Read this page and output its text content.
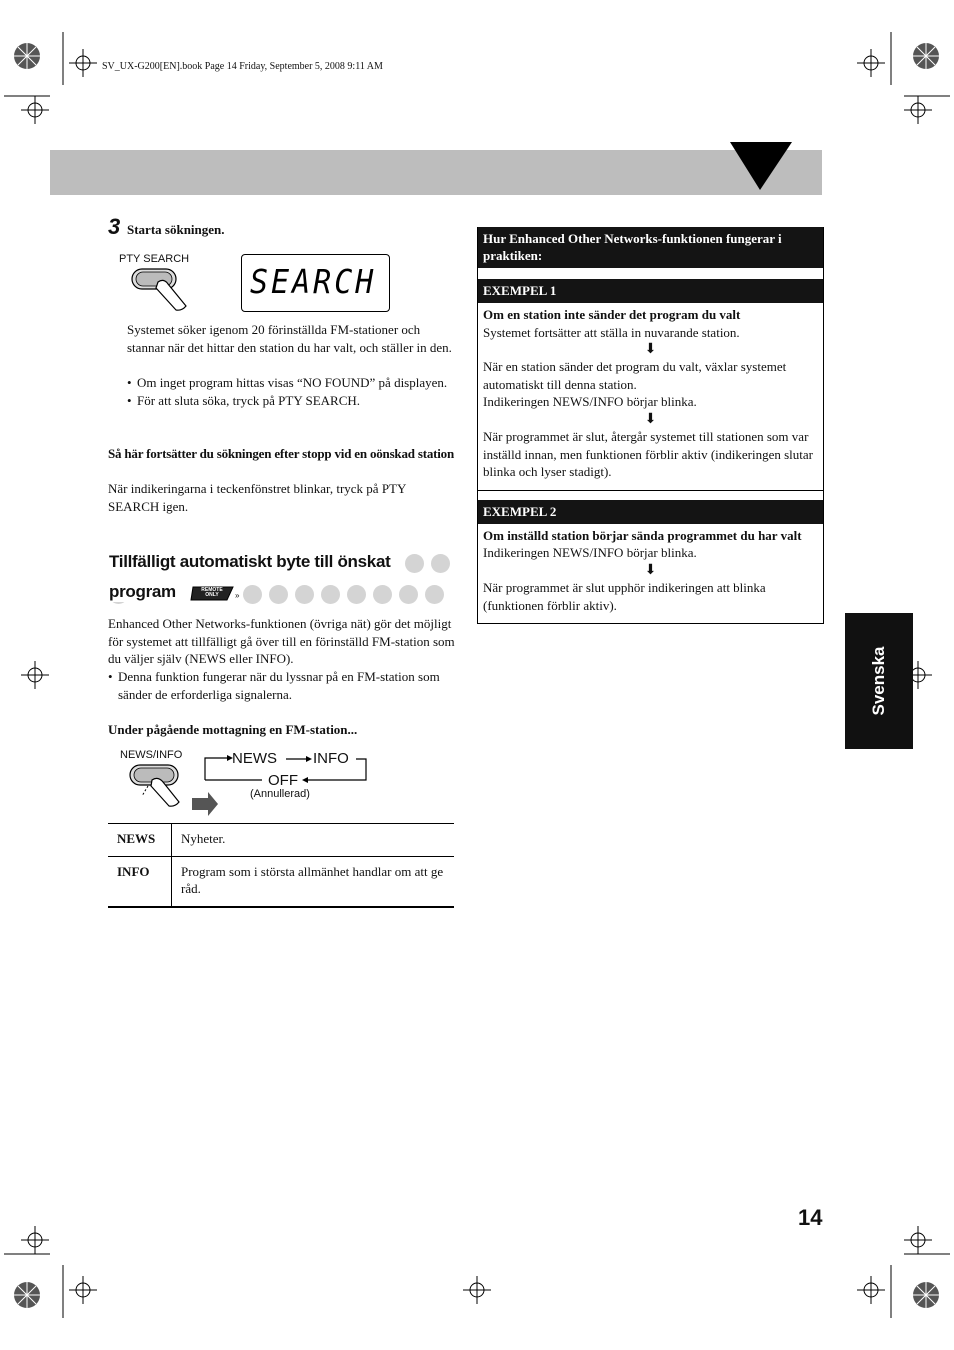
SV_UX-G200[EN].book Page 14 Friday, September 5, 2008 9:11 AM
3 Starta sökningen.
PTY SEARCH
SEARCH
Systemet söker igenom 20 förinställda FM-stationer och stannar när det hittar den station du har valt, och ställer in den.
• Om inget program hittas visas “NO FOUND” på displayen.
• För att sluta söka, tryck på PTY SEARCH.
Så här fortsätter du sökningen efter stopp vid en oönskad station
När indikeringarna i teckenfönstret blinkar, tryck på PTY SEARCH igen.
Tillfälligt automatiskt byte till önskat
program	REMOTE ONLY	»
Enhanced Other Networks-funktionen (övriga nät) gör det möjligt för systemet att tillfälligt gå över till en förinställd FM-station som du väljer själv (NEWS eller INFO).
• Denna funktion fungerar när du lyssnar på en FM-station som sänder de erforderliga signalerna.
Under pågående mottagning en FM-station...
NEWS/INFO	NEWS INFO
OFF
(Annullerad)
NEWS	Nyheter.
INFO	Program som i största allmänhet handlar om att ge råd.
Hur Enhanced Other Networks-funktionen fungerar i praktiken:
EXEMPEL 1
Om en station inte sänder det program du valt
Systemet fortsätter att ställa in nuvarande station.
⬇
När en station sänder det program du valt, växlar systemet automatiskt till denna station.
Indikeringen NEWS/INFO börjar blinka.
⬇
När programmet är slut, återgår systemet till stationen som var inställd innan, men funktionen förblir aktiv (indikeringen slutar blinka och lyser stadigt).
EXEMPEL 2
Om inställd station börjar sända programmet du har valt
Indikeringen NEWS/INFO börjar blinka.
⬇
När programmet är slut upphör indikeringen att blinka (funktionen förblir aktiv).
Svenska
14
